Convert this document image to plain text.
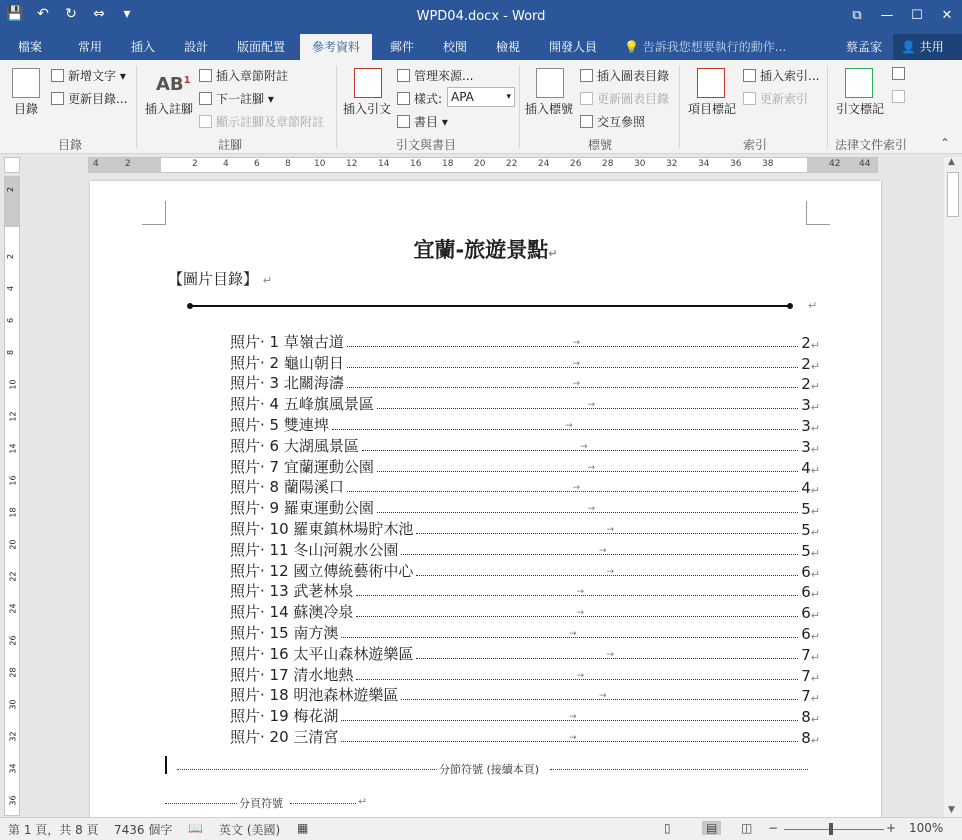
💾 ↶ ↻ ⇔	▾	WPD04.docx - Word	⧉	—	☐	✕
檔案	常用	插入	設計	版面配置	參考資料	郵件	校閱	檢視	開發人員	💡 告訴我您想要執行的動作...	蔡孟家	👤 共用
目錄
新增文字 ▾
更新目錄...
目錄
$AB^1$
插入註腳
插入章節附註
下一註腳 ▾
顯示註腳及章節附註
註腳
插入引文
管理來源...
樣式: APA	▾
書目 ▾
引文與書目
插入標號
插入圖表目錄
更新圖表目錄
交互參照
標號
項目標記
插入索引...
更新索引
索引
引文標記
法律文件索引	⌃
4	2	2	4	6	8	10 12 14 16 18 20 22 24 26 28 30 32 34 36 38	42 44
2
2
4
6
8
10
12
14
16
18
20
22
24
26
28
30
32
34
36
宜蘭-旅遊景點↵
【圖片目錄】 ↵
↵
照片· 1 草嶺古道	2 ↵
→
照片· 2 龜山朝日	2 ↵
→
照片· 3 北關海濤	2 ↵
→
照片· 4 五峰旗風景區	3 ↵
→
照片· 5 雙連埤	3 ↵
→
照片· 6 大湖風景區	3 ↵
→
照片· 7 宜蘭運動公園	4 ↵
→
照片· 8 蘭陽溪口	4 ↵
→
照片· 9 羅東運動公園	5 ↵
→
照片· 10 羅東鎮林場貯木池	5 ↵
→
照片· 11 冬山河親水公園	5 ↵
→
照片· 12 國立傳統藝術中心	6 ↵
→
照片· 13 武荖林泉	6 ↵
→
照片· 14 蘇澳冷泉	6 ↵
→
照片· 15 南方澳	6 ↵
→
照片· 16 太平山森林遊樂區	7 ↵
→
照片· 17 清水地熱	7 ↵
→
照片· 18 明池森林遊樂區	7 ↵
→
照片· 19 梅花湖	8 ↵
→
照片· 20 三清宮	8 ↵
→
分節符號 (接續本頁)
分頁符號	↵
▲
▼
第 1 頁，共 8 頁 7436 個字 📖 英文 (美國) ▦	▯	▤	◫ −	+ 100%
